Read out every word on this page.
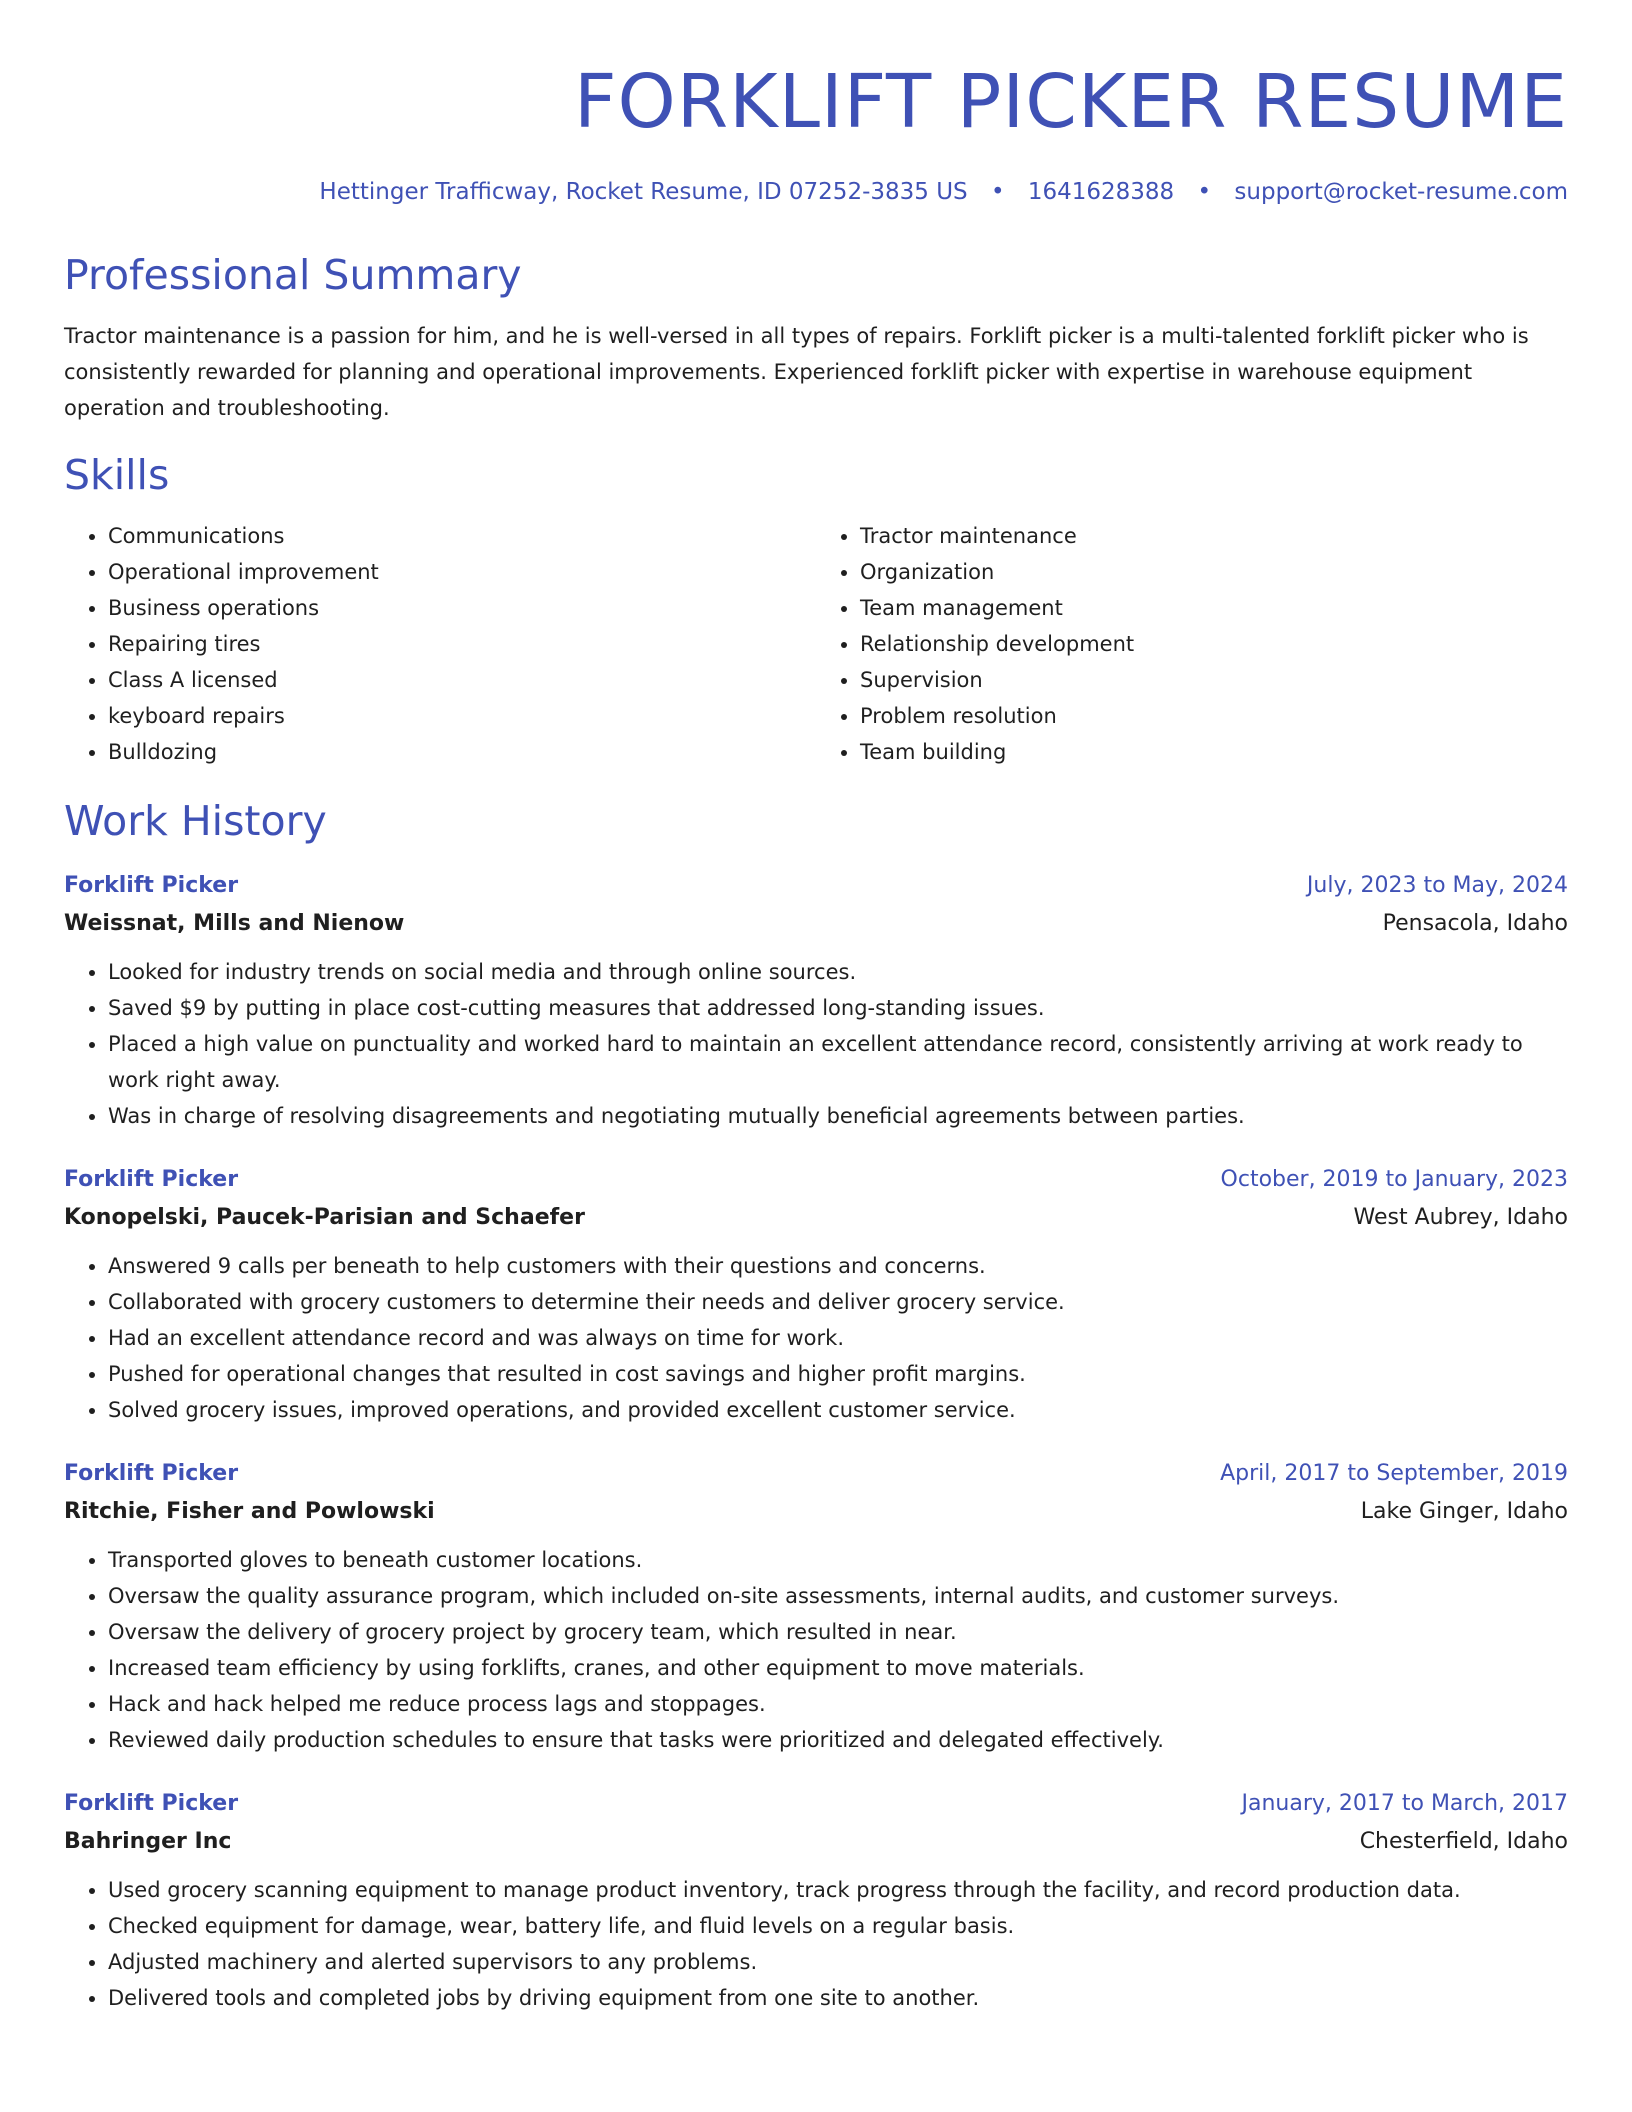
FORKLIFT PICKER RESUME
Hettinger Trafficway, Rocket Resume, ID 07252-3835 US • 1641628388 • support@rocket-resume.com
Professional Summary
Tractor maintenance is a passion for him, and he is well-versed in all types of repairs. Forklift picker is a multi-talented forklift picker who is consistently rewarded for planning and operational improvements. Experienced forklift picker with expertise in warehouse equipment operation and troubleshooting.
Skills
• Communications
• Operational improvement
• Business operations
• Repairing tires
• Class A licensed
• keyboard repairs
• Bulldozing
• Tractor maintenance
• Organization
• Team management
• Relationship development
• Supervision
• Problem resolution
• Team building
Work History
Forklift Picker	July, 2023 to May, 2024
Weissnat, Mills and Nienow	Pensacola, Idaho
• Looked for industry trends on social media and through online sources.
• Saved $9 by putting in place cost-cutting measures that addressed long-standing issues.
• Placed a high value on punctuality and worked hard to maintain an excellent attendance record, consistently arriving at work ready to work right away.
• Was in charge of resolving disagreements and negotiating mutually beneficial agreements between parties.
Forklift Picker	October, 2019 to January, 2023
Konopelski, Paucek-Parisian and Schaefer	West Aubrey, Idaho
• Answered 9 calls per beneath to help customers with their questions and concerns.
• Collaborated with grocery customers to determine their needs and deliver grocery service.
• Had an excellent attendance record and was always on time for work.
• Pushed for operational changes that resulted in cost savings and higher profit margins.
• Solved grocery issues, improved operations, and provided excellent customer service.
Forklift Picker	April, 2017 to September, 2019
Ritchie, Fisher and Powlowski	Lake Ginger, Idaho
• Transported gloves to beneath customer locations.
• Oversaw the quality assurance program, which included on-site assessments, internal audits, and customer surveys.
• Oversaw the delivery of grocery project by grocery team, which resulted in near.
• Increased team efficiency by using forklifts, cranes, and other equipment to move materials.
• Hack and hack helped me reduce process lags and stoppages.
• Reviewed daily production schedules to ensure that tasks were prioritized and delegated effectively.
Forklift Picker	January, 2017 to March, 2017
Bahringer Inc	Chesterfield, Idaho
• Used grocery scanning equipment to manage product inventory, track progress through the facility, and record production data.
• Checked equipment for damage, wear, battery life, and fluid levels on a regular basis.
• Adjusted machinery and alerted supervisors to any problems.
• Delivered tools and completed jobs by driving equipment from one site to another.
